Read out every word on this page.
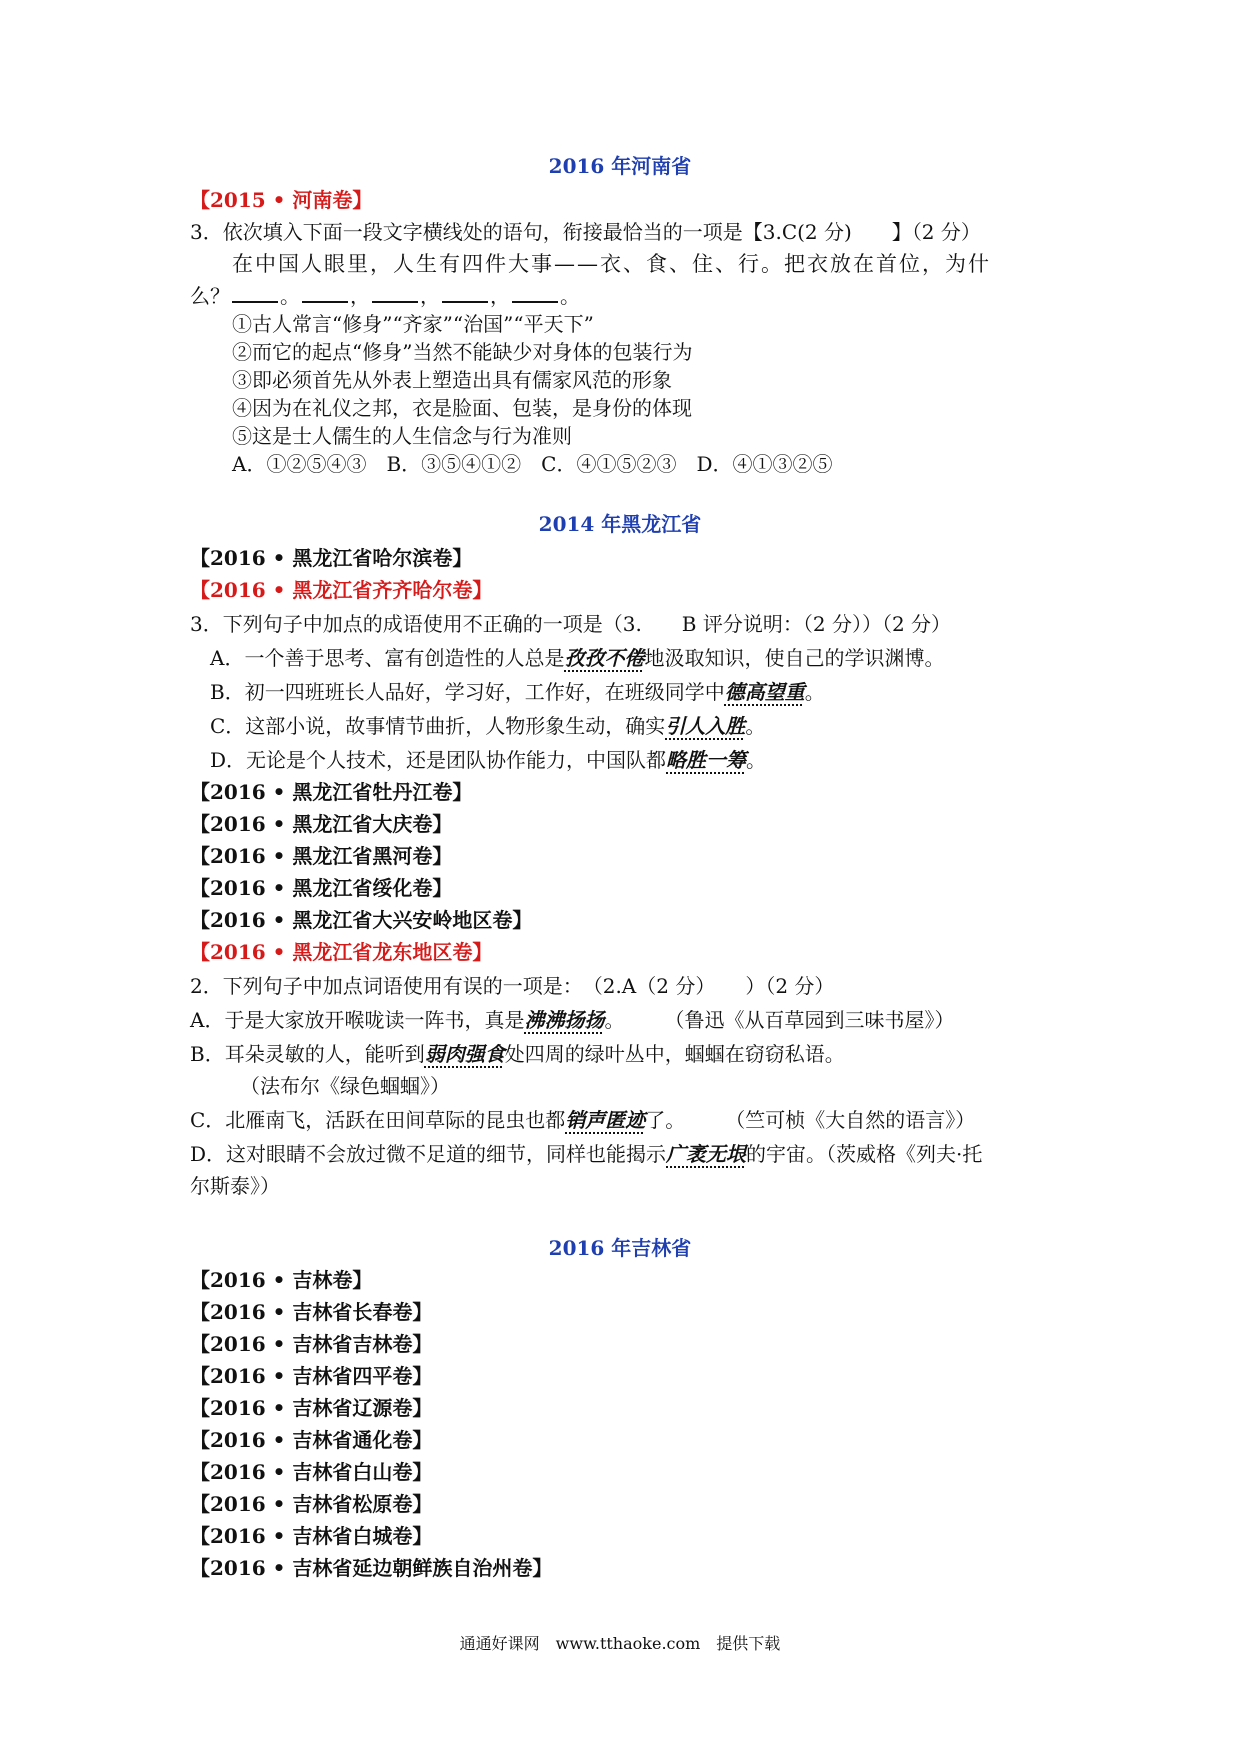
2016 年河南省
【2015 • 河南卷】
3．依次填入下面一段文字横线处的语句，衔接最恰当的一项是【3.C(2 分)　　】（2 分）
在中国人眼里，人生有四件大事——衣、食、住、行。把衣放在首位，为什
么？	。	，	，	，	。
①古人常言“修身”“齐家”“治国”“平天下”
②而它的起点“修身”当然不能缺少对身体的包装行为
③即必须首先从外表上塑造出具有儒家风范的形象
④因为在礼仪之邦，衣是脸面、包装，是身份的体现
⑤这是士人儒生的人生信念与行为准则
A．①②⑤④③　B．③⑤④①②　C．④①⑤②③　D．④①③②⑤
2014 年黑龙江省
【2016 • 黑龙江省哈尔滨卷】
【2016 • 黑龙江省齐齐哈尔卷】
3．下列句子中加点的成语使用不正确的一项是（3.　　B 评分说明：（2 分））（2 分）
A．一个善于思考、富有创造性的人总是孜孜不倦地汲取知识，使自己的学识渊博。
B．初一四班班长人品好，学习好，工作好，在班级同学中德高望重。
C．这部小说，故事情节曲折，人物形象生动，确实引人入胜。
D．无论是个人技术，还是团队协作能力，中国队都略胜一筹。
【2016 • 黑龙江省牡丹江卷】
【2016 • 黑龙江省大庆卷】
【2016 • 黑龙江省黑河卷】
【2016 • 黑龙江省绥化卷】
【2016 • 黑龙江省大兴安岭地区卷】
【2016 • 黑龙江省龙东地区卷】
2．下列句子中加点词语使用有误的一项是：　（2.A（2 分）　　）（2 分）
A．于是大家放开喉咙读一阵书，真是沸沸扬扬。　　　（鲁迅《从百草园到三味书屋》）
B．耳朵灵敏的人，能听到弱肉强食处四周的绿叶丛中，蝈蝈在窃窃私语。
（法布尔《绿色蝈蝈》）
C．北雁南飞，活跃在田间草际的昆虫也都销声匿迹了。　　　（竺可桢《大自然的语言》）
D．这对眼睛不会放过微不足道的细节，同样也能揭示广袤无垠的宇宙。（茨威格《列夫·托
尔斯泰》）
2016 年吉林省
【2016 • 吉林卷】
【2016 • 吉林省长春卷】
【2016 • 吉林省吉林卷】
【2016 • 吉林省四平卷】
【2016 • 吉林省辽源卷】
【2016 • 吉林省通化卷】
【2016 • 吉林省白山卷】
【2016 • 吉林省松原卷】
【2016 • 吉林省白城卷】
【2016 • 吉林省延边朝鲜族自治州卷】
通通好课网　www.tthaoke.com　提供下载
